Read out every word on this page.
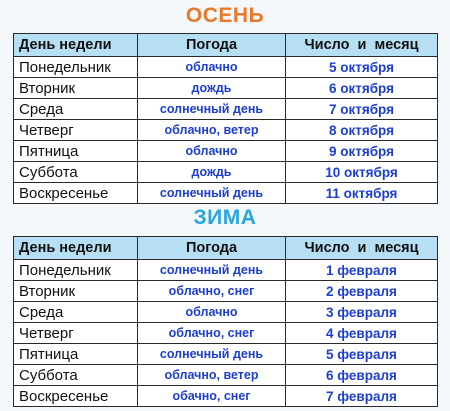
ОСЕНЬ
День недели	Погода	Число и месяц
Понедельник	облачно	5 октября
Вторник	дождь	6 октября
Среда	солнечный день	7 октября
Четверг	облачно, ветер	8 октября
Пятница	облачно	9 октября
Суббота	дождь	10 октября
Воскресенье	солнечный день	11 октября
ЗИМА
День недели	Погода	Число и месяц
Понедельник	солнечный день	1 февраля
Вторник	облачно, снег	2 февраля
Среда	облачно	3 февраля
Четверг	облачно, снег	4 февраля
Пятница	солнечный день	5 февраля
Суббота	облачно, ветер	6 февраля
Воскресенье	обачно, снег	7 февраля
